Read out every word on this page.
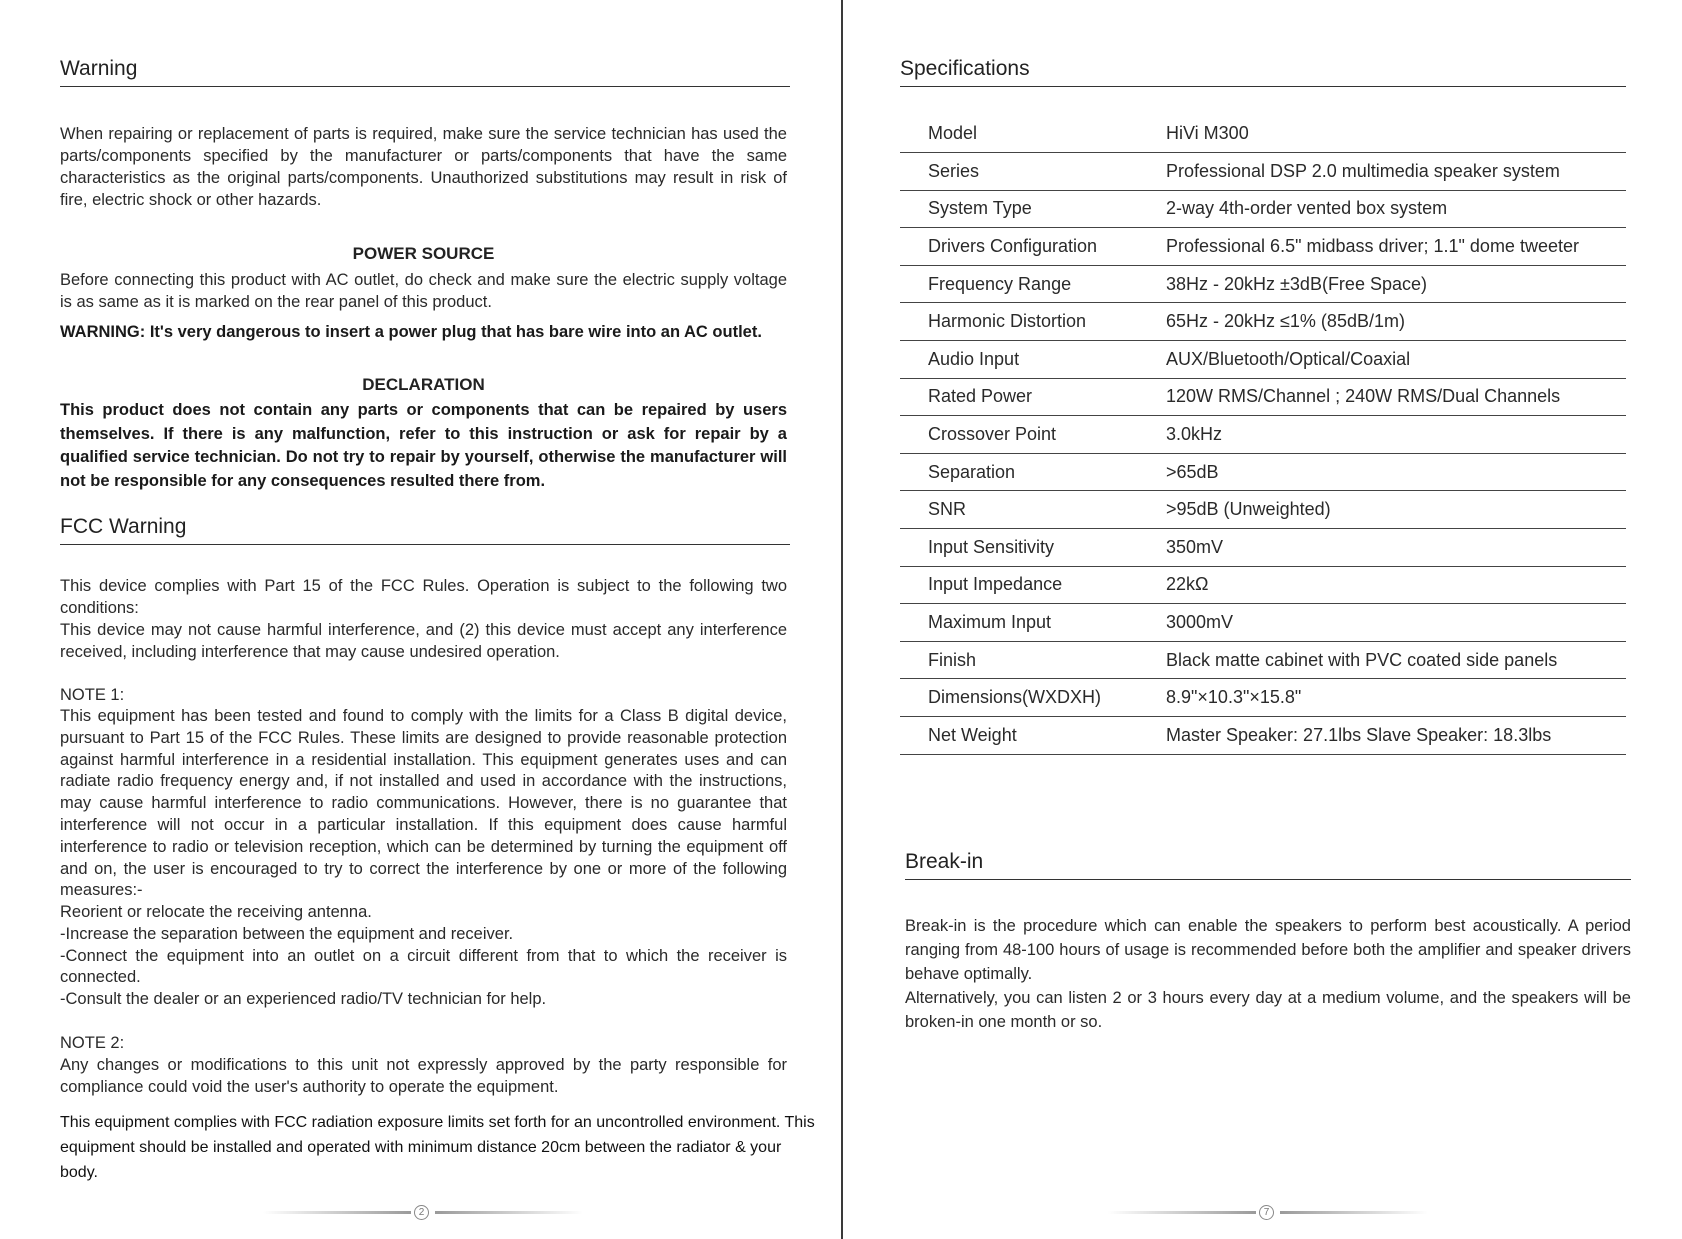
Warning

When repairing or replacement of parts is required, make sure the service technician has used the parts/components specified by the manufacturer or parts/components that have the same characteristics as the original parts/components. Unauthorized substitutions may result in risk of fire, electric shock or other hazards.

POWER SOURCE

Before connecting this product with AC outlet, do check and make sure the electric supply voltage is as same as it is marked on the rear panel of this product.

WARNING: It's very dangerous to insert a power plug that has bare wire into an AC outlet.

DECLARATION

This product does not contain any parts or components that can be repaired by users themselves. If there is any malfunction, refer to this instruction or ask for repair by a qualified service technician. Do not try to repair by yourself, otherwise the manufacturer will not be responsible for any consequences resulted there from.

FCC Warning

This device complies with Part 15 of the FCC Rules. Operation is subject to the following two conditions:

This device may not cause harmful interference, and (2) this device must accept any interference received, including interference that may cause undesired operation.

NOTE 1:

This equipment has been tested and found to comply with the limits for a Class B digital device, pursuant to Part 15 of the FCC Rules. These limits are designed to provide reasonable protection against harmful interference in a residential installation. This equipment generates uses and can radiate radio frequency energy and, if not installed and used in accordance with the instructions, may cause harmful interference to radio communications. However, there is no guarantee that interference will not occur in a particular installation. If this equipment does cause harmful interference to radio or television reception, which can be determined by turning the equipment off and on, the user is encouraged to try to correct the interference by one or more of the following measures:-

Reorient or relocate the receiving antenna.

-Increase the separation between the equipment and receiver.

-Connect the equipment into an outlet on a circuit different from that to which the receiver is connected.

-Consult the dealer or an experienced radio/TV technician for help.

NOTE 2:

Any changes or modifications to this unit not expressly approved by the party responsible for compliance could void the user's authority to operate the equipment.

This equipment complies with FCC radiation exposure limits set forth for an uncontrolled environment. This equipment should be installed and operated with minimum distance 20cm between the radiator & your body.

2
Specifications
Model	HiVi M300
Series	Professional DSP 2.0 multimedia speaker system
System Type	2-way 4th-order vented box system
Drivers Configuration	Professional 6.5" midbass driver; 1.1" dome tweeter
Frequency Range	38Hz - 20kHz ±3dB(Free Space)
Harmonic Distortion	65Hz - 20kHz ≤1% (85dB/1m)
Audio Input	AUX/Bluetooth/Optical/Coaxial
Rated Power	120W RMS/Channel ; 240W RMS/Dual Channels
Crossover Point	3.0kHz
Separation	>65dB
SNR	>95dB (Unweighted)
Input Sensitivity	350mV
Input Impedance	22kΩ
Maximum Input	3000mV
Finish	Black matte cabinet with PVC coated side panels
Dimensions(WXDXH)	8.9"×10.3"×15.8"
Net Weight	Master Speaker: 27.1lbs Slave Speaker: 18.3lbs
Break-in

Break-in is the procedure which can enable the speakers to perform best acoustically. A period ranging from 48-100 hours of usage is recommended before both the amplifier and speaker drivers behave optimally.

Alternatively, you can listen 2 or 3 hours every day at a medium volume, and the speakers will be broken-in one month or so.

7
